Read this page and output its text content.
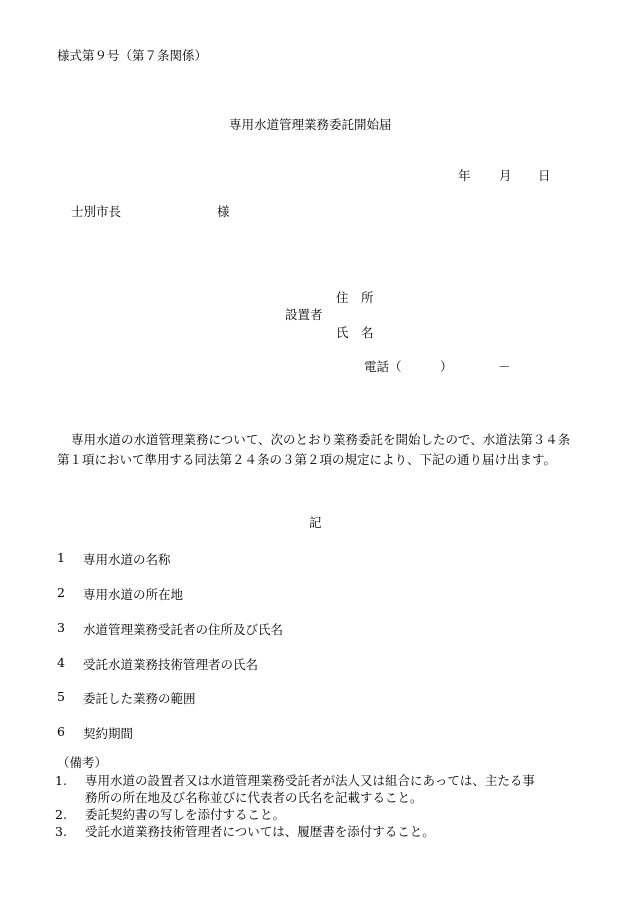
様式第９号（第７条関係）
専用水道管理業務委託開始届
年 月 日
士別市長	様
住　所
設置者
氏　名
電話（	）	－
専用水道の水道管理業務について、次のとおり業務委託を開始したので、水道法第３４条第１項において準用する同法第２４条の３第２項の規定により、下記の通り届け出ます。
記
1 専用水道の名称
2 専用水道の所在地
3 水道管理業務受託者の住所及び氏名
4 受託水道業務技術管理者の氏名
5 委託した業務の範囲
6 契約期間
（備考）
1. 専用水道の設置者又は水道管理業務受託者が法人又は組合にあっては、主たる事
務所の所在地及び名称並びに代表者の氏名を記載すること。
2. 委託契約書の写しを添付すること。
3. 受託水道業務技術管理者については、履歴書を添付すること。
